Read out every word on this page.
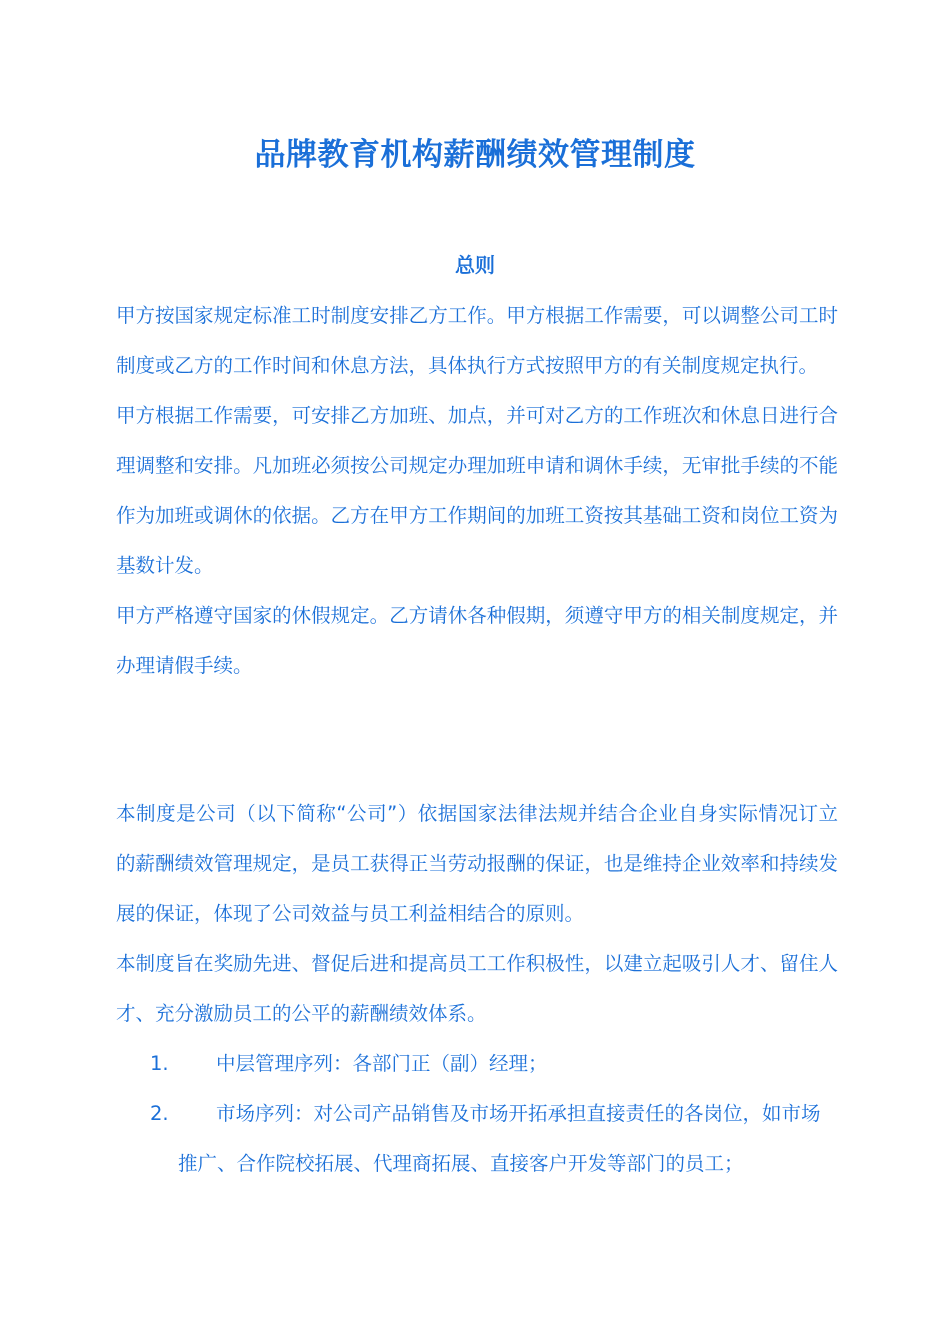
品牌教育机构薪酬绩效管理制度
总则

甲方按国家规定标准工时制度安排乙方工作。甲方根据工作需要，可以调整公司工时制度或乙方的工作时间和休息方法，具体执行方式按照甲方的有关制度规定执行。

甲方根据工作需要，可安排乙方加班、加点，并可对乙方的工作班次和休息日进行合理调整和安排。凡加班必须按公司规定办理加班申请和调休手续，无审批手续的不能作为加班或调休的依据。乙方在甲方工作期间的加班工资按其基础工资和岗位工资为基数计发。

甲方严格遵守国家的休假规定。乙方请休各种假期，须遵守甲方的相关制度规定，并办理请假手续。

本制度是公司（以下简称“公司”）依据国家法律法规并结合企业自身实际情况订立的薪酬绩效管理规定，是员工获得正当劳动报酬的保证，也是维持企业效率和持续发展的保证，体现了公司效益与员工利益相结合的原则。

本制度旨在奖励先进、督促后进和提高员工工作积极性，以建立起吸引人才、留住人才、充分激励员工的公平的薪酬绩效体系。

1.	中层管理序列：各部门正（副）经理；
2.	市场序列：对公司产品销售及市场开拓承担直接责任的各岗位，如市场推广、合作院校拓展、代理商拓展、直接客户开发等部门的员工；
